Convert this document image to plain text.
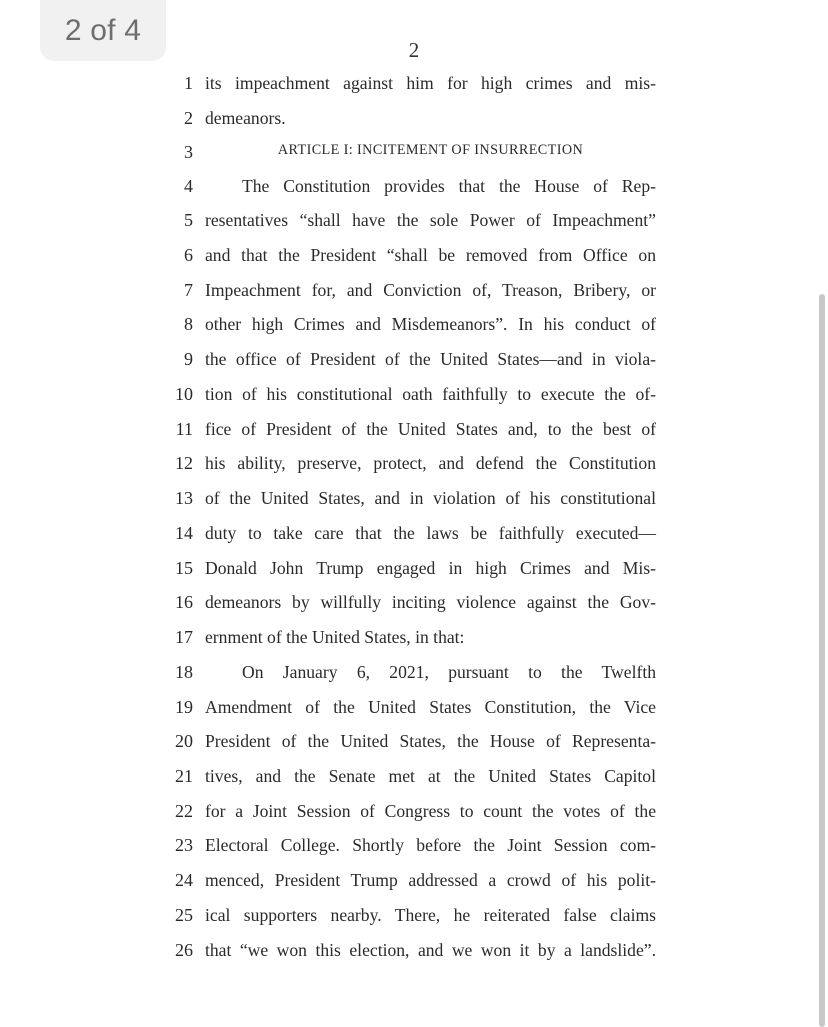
2 of 4
2
1 its impeachment against him for high crimes and mis-
2 demeanors.
3	ARTICLE I: INCITEMENT OF INSURRECTION
4	The Constitution provides that the House of Rep-
5 resentatives “shall have the sole Power of Impeachment”
6 and that the President “shall be removed from Office on
7 Impeachment for, and Conviction of, Treason, Bribery, or
8 other high Crimes and Misdemeanors”. In his conduct of
9 the office of President of the United States—and in viola-
10 tion of his constitutional oath faithfully to execute the of-
11 fice of President of the United States and, to the best of
12 his ability, preserve, protect, and defend the Constitution
13 of the United States, and in violation of his constitutional
14 duty to take care that the laws be faithfully executed—
15 Donald John Trump engaged in high Crimes and Mis-
16 demeanors by willfully inciting violence against the Gov-
17 ernment of the United States, in that:
18	On January 6, 2021, pursuant to the Twelfth
19 Amendment of the United States Constitution, the Vice
20 President of the United States, the House of Representa-
21 tives, and the Senate met at the United States Capitol
22 for a Joint Session of Congress to count the votes of the
23 Electoral College. Shortly before the Joint Session com-
24 menced, President Trump addressed a crowd of his polit-
25 ical supporters nearby. There, he reiterated false claims
26 that “we won this election, and we won it by a landslide”.
